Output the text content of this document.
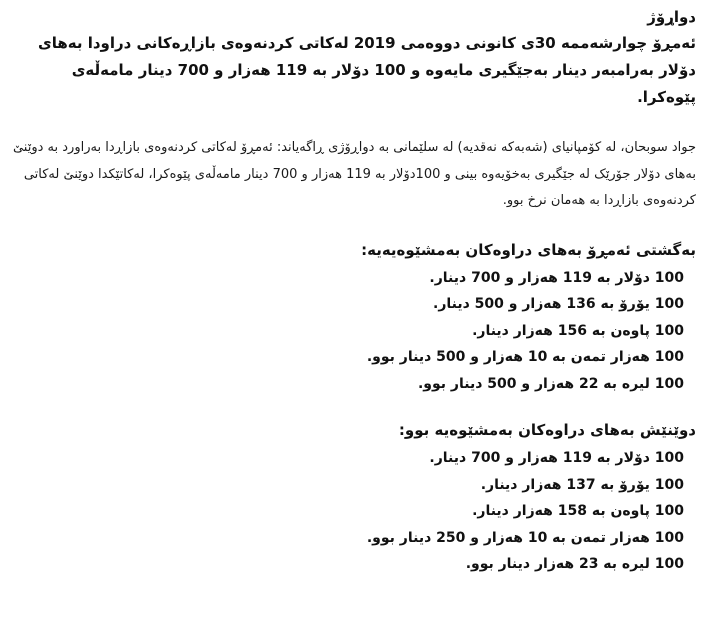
دواړۆژ

ئەمڕۆ چوارشەممە 30ی کانونی دووەمی 2019 لەکاتی کردنەوەی بازاڕەکانی دراودا بەهای دۆلار بەرامبەر دینار بەجێگیری مایەوە و 100 دۆلار بە 119 هەزار و 700 دینار مامەڵەی پێوەکرا.

جواد سوبحان، لە کۆمپانیای (شەبەکە نەقدیە) لە سلێمانی بە دواڕۆژی ڕاگەیاند: ئەمڕۆ لەکاتی کردنەوەی بازاڕدا بەراورد بە دوێنێ بەهای دۆلار جۆرێک لە جێگیری بەخۆیەوە بینی و 100دۆلار بە 119 هەزار و 700 دینار مامەڵەی پێوەکرا، لەکاتێکدا دوێنێ لەکاتی کردنەوەی بازاڕدا بە هەمان نرخ بوو.

بەگشتی ئەمڕۆ بەهای دراوەکان بەمشێوەیەیە:

100 دۆلار بە 119 هەزار و 700 دینار.
100 یۆرۆ بە 136 هەزار و 500 دینار.
100 پاوەن بە 156 هەزار دینار.
100 هەزار تمەن بە 10 هەزار و 500 دینار بوو.
100 لیرە بە 22 هەزار و 500 دینار بوو.

دوێنێش بەهای دراوەکان بەمشێوەیە بوو:

100 دۆلار بە 119 هەزار و 700 دینار.
100 یۆرۆ بە 137 هەزار دینار.
100 پاوەن بە 158 هەزار دینار.
100 هەزار تمەن بە 10 هەزار و 250 دینار بوو.
100 لیرە بە 23 هەزار دینار بوو.
